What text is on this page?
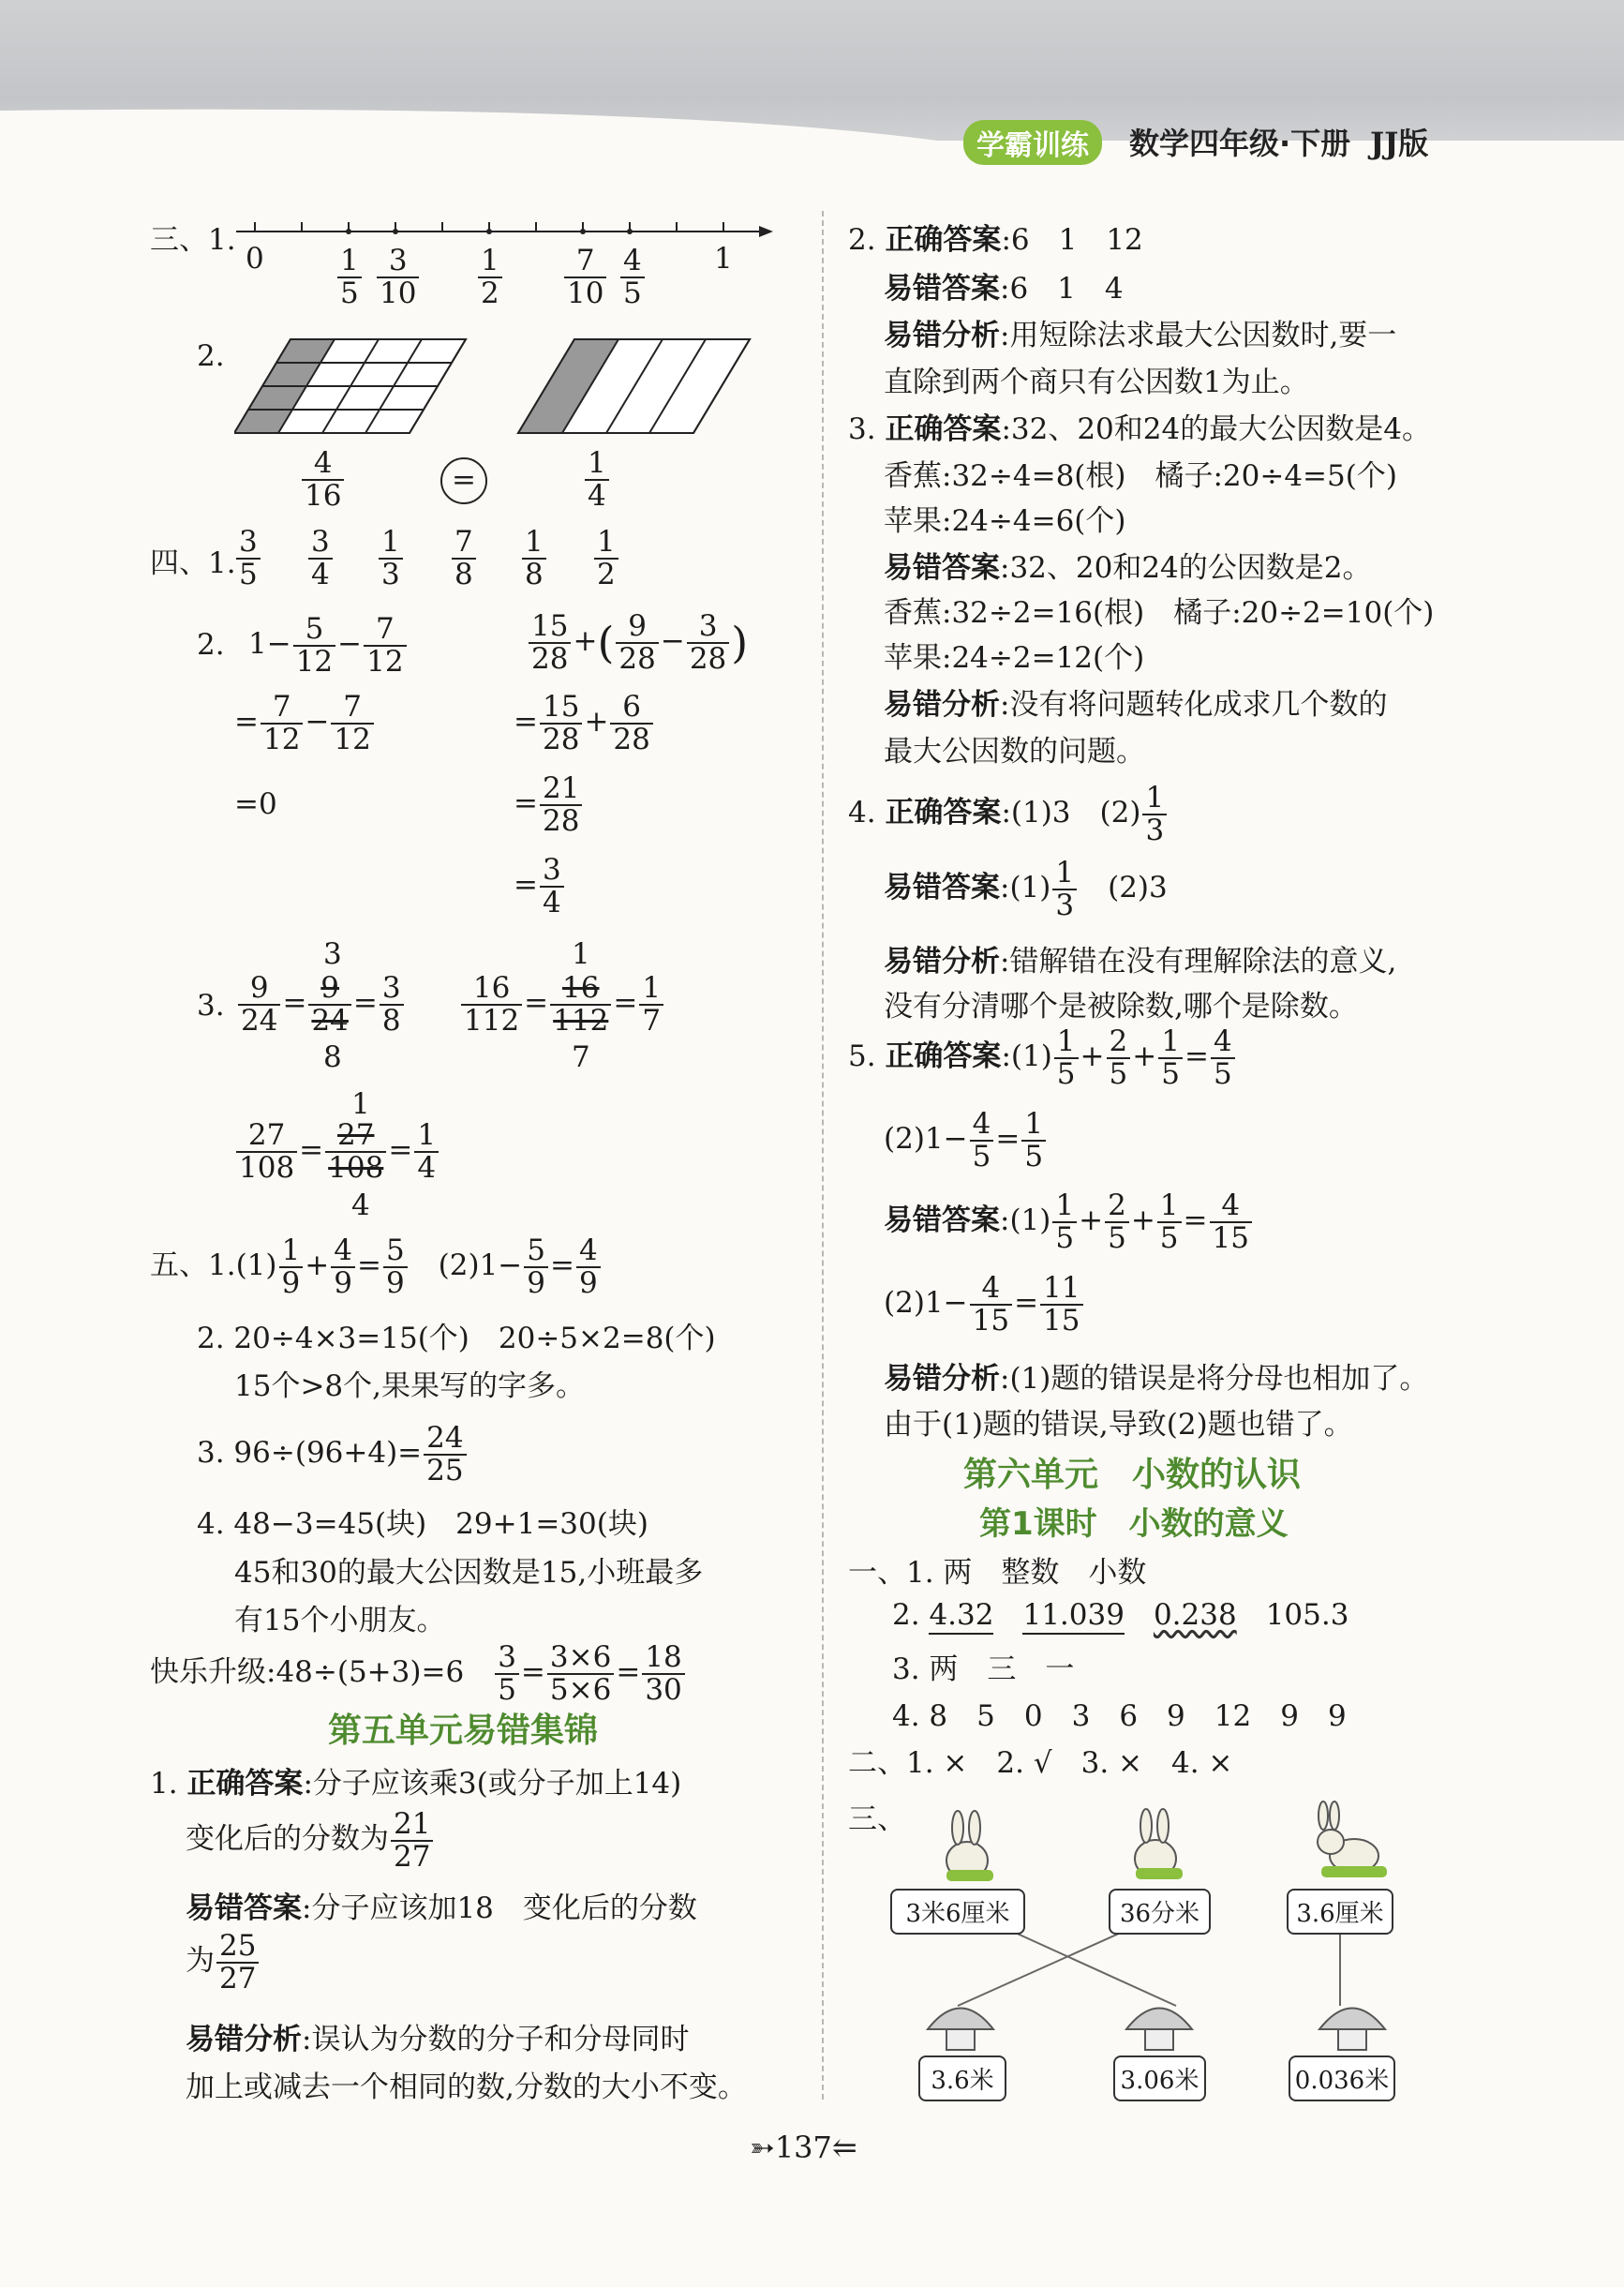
学霸训练	数学四年级·下册 JJ版
三、1.
0	1
$\frac{1}{5} \frac{3}{10} \frac{1}{2} \frac{7}{10} \frac{4}{5}$
2.
$\frac{4}{16}$	=	$\frac{1}{4}$
四、1. $\frac{3}{5} \frac{3}{4} \frac{1}{3} \frac{7}{8} \frac{1}{8} \frac{1}{2}$
2. $1- \frac{5}{12} - \frac{7}{12}$
= $\frac{7}{12} - \frac{7}{12}$
=0
$\frac{15}{28}$ +( $\frac{9}{28} - \frac{3}{28}$ )
= $\frac{15}{28} + \frac{6}{28}$
= $\frac{21}{28}$
= $\frac{3}{4}$
3.
3
$\frac{9}{24} = \frac{9}{24} = \frac{3}{8}$
8
1
$\frac{16}{112} = \frac{16}{112} = \frac{1}{7}$
7
1
$\frac{27}{108} = \frac{27}{108} = \frac{1}{4}$
4
五、$1.(1) \frac{1}{9} + \frac{4}{9} = \frac{5}{9}$
  $(2)1- \frac{5}{9} = \frac{4}{9}$
2. 20÷4×3=15(个)　20÷5×2=8(个)
15个>8个,果果写的字多。
3. $96\div(96+4)= \frac{24}{25}$
4. 48−3=45(块)　29+1=30(块)
45和30的最大公因数是15,小班最多
有15个小朋友。
快乐升级:48÷(5+3)=6  $\frac{3}{5} = \frac{3\times 6}{5\times 6} = \frac{18}{30}$
第五单元易错集锦
1. 正确答案:分子应该乘3(或分子加上14)
变化后的分数为 $\frac{21}{27}$
易错答案:分子应该加18　变化后的分数
为 $\frac{25}{27}$
易错分析:误认为分数的分子和分母同时
加上或减去一个相同的数,分数的大小不变。
2. 正确答案:6　1　12
易错答案:6　1　4
易错分析:用短除法求最大公因数时,要一
直除到两个商只有公因数1为止。
3. 正确答案:32、20和24的最大公因数是4。
香蕉:32÷4=8(根)　橘子:20÷4=5(个)
苹果:24÷4=6(个)
易错答案:32、20和24的公因数是2。
香蕉:32÷2=16(根)　橘子:20÷2=10(个)
苹果:24÷2=12(个)
易错分析:没有将问题转化成求几个数的
最大公因数的问题。
4. 正确答案:(1)3　$(2) \frac{1}{3}$
易错答案:(1) $\frac{1}{3}$ 　(2)3
易错分析:错解错在没有理解除法的意义,
没有分清哪个是被除数,哪个是除数。
5. 正确答案:(1) $\frac{1}{5} + \frac{2}{5} + \frac{1}{5} = \frac{4}{5}$
$(2)1- \frac{4}{5} = \frac{1}{5}$
易错答案:(1) $\frac{1}{5} + \frac{2}{5} + \frac{1}{5} = \frac{4}{15}$
$(2)1- \frac{4}{15} = \frac{11}{15}$
易错分析:(1)题的错误是将分母也相加了。
由于(1)题的错误,导致(2)题也错了。
第六单元　小数的认识
第1课时　小数的意义
一、1. 两　整数　小数
2. 4.32  11.039  0.238  105.3
3. 两　三　一
4. 8　5　0　3　6　9　12　9　9
二、1. ×　2. √　3. ×　4. ×
三、
3米6厘米	36分米	3.6厘米
3.6米	3.06米	0.036米
➳137⥢
